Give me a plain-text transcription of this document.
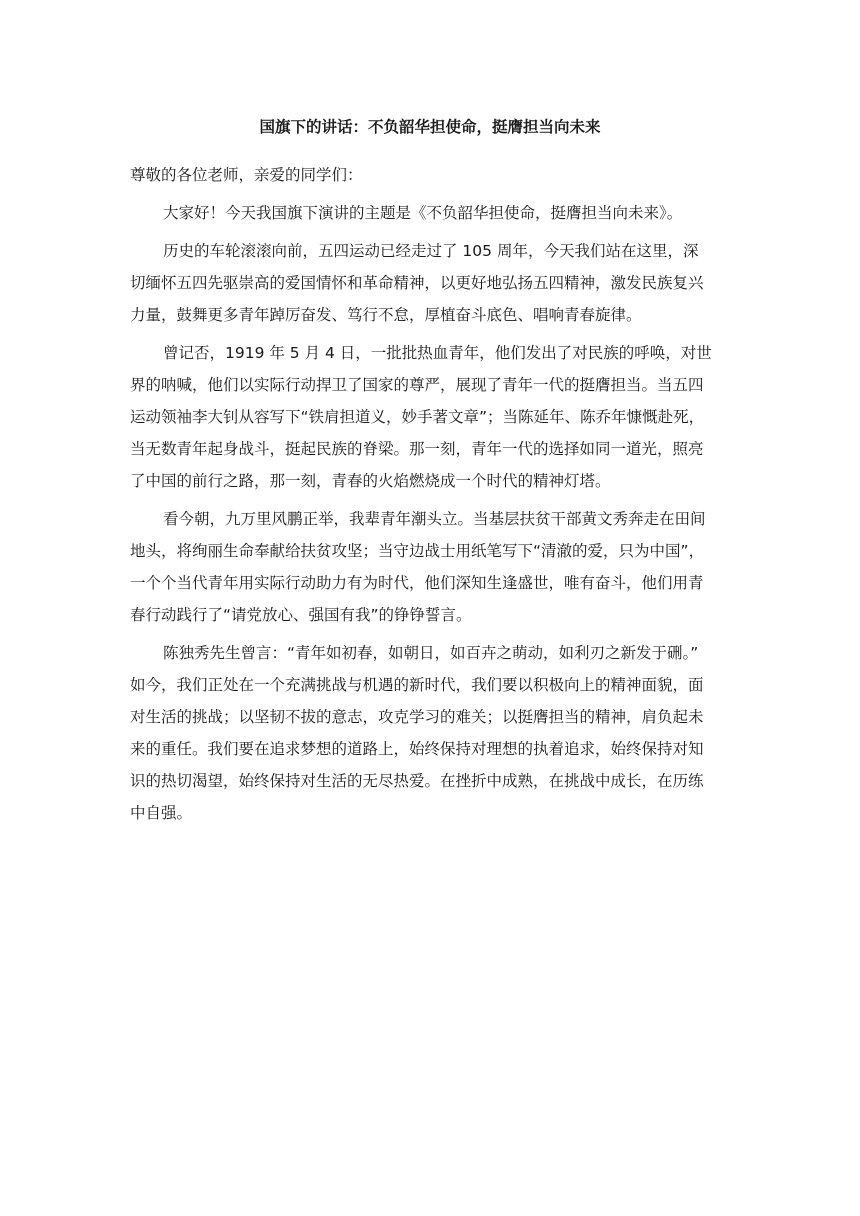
国旗下的讲话：不负韶华担使命，挺膺担当向未来
尊敬的各位老师，亲爱的同学们：
大家好！今天我国旗下演讲的主题是《不负韶华担使命，挺膺担当向未来》。
历史的车轮滚滚向前，五四运动已经走过了 105 周年，今天我们站在这里，深
切缅怀五四先驱崇高的爱国情怀和革命精神，以更好地弘扬五四精神，激发民族复兴
力量，鼓舞更多青年踔厉奋发、笃行不怠，厚植奋斗底色、唱响青春旋律。
曾记否，1919 年 5 月 4 日，一批批热血青年，他们发出了对民族的呼唤，对世
界的呐喊，他们以实际行动捍卫了国家的尊严，展现了青年一代的挺膺担当。当五四
运动领袖李大钊从容写下“铁肩担道义，妙手著文章”；当陈延年、陈乔年慷慨赴死，
当无数青年起身战斗，挺起民族的脊梁。那一刻，青年一代的选择如同一道光，照亮
了中国的前行之路，那一刻，青春的火焰燃烧成一个时代的精神灯塔。
看今朝，九万里风鹏正举，我辈青年潮头立。当基层扶贫干部黄文秀奔走在田间
地头，将绚丽生命奉献给扶贫攻坚；当守边战士用纸笔写下“清澈的爱，只为中国”，
一个个当代青年用实际行动助力有为时代，他们深知生逢盛世，唯有奋斗，他们用青
春行动践行了“请党放心、强国有我”的铮铮誓言。
陈独秀先生曾言：“青年如初春，如朝日，如百卉之萌动，如利刃之新发于硎。”
如今，我们正处在一个充满挑战与机遇的新时代，我们要以积极向上的精神面貌，面
对生活的挑战；以坚韧不拔的意志，攻克学习的难关；以挺膺担当的精神，肩负起未
来的重任。我们要在追求梦想的道路上，始终保持对理想的执着追求，始终保持对知
识的热切渴望，始终保持对生活的无尽热爱。在挫折中成熟，在挑战中成长，在历练
中自强。
